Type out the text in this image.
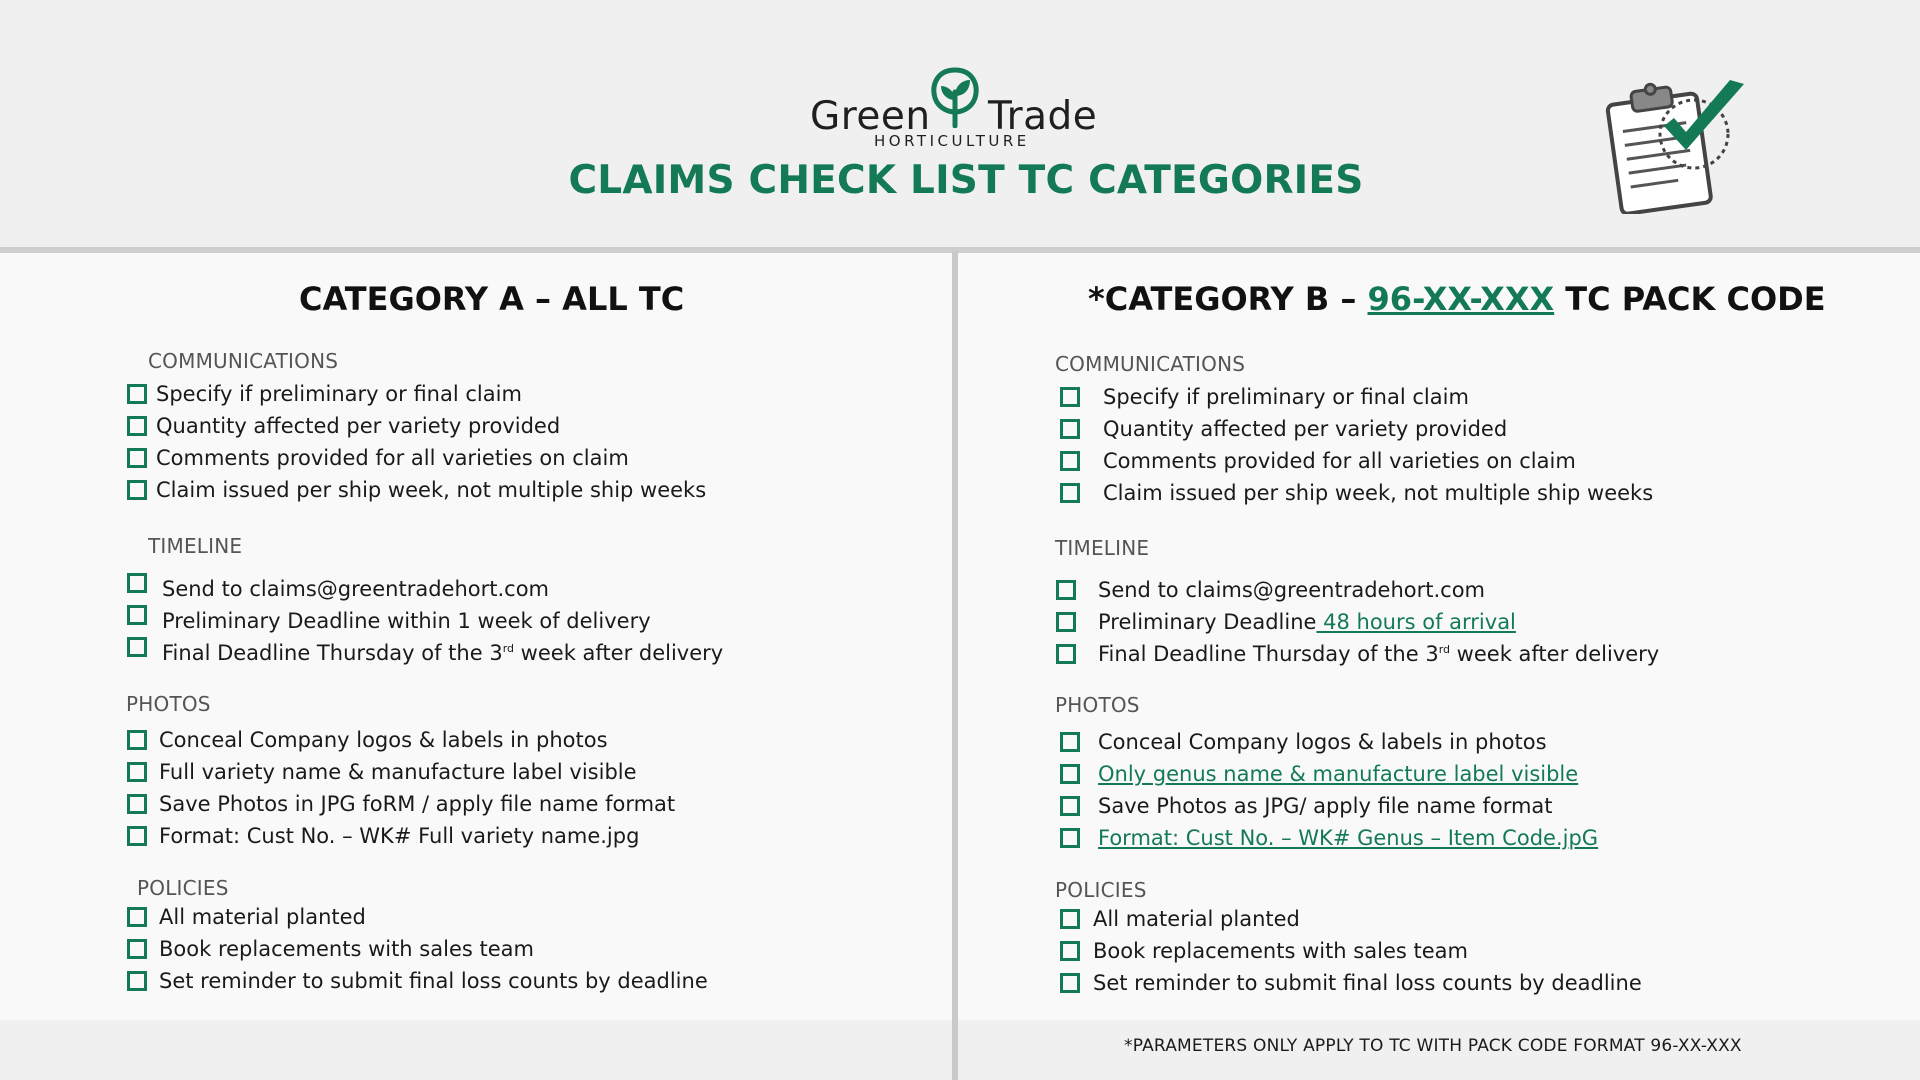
Green Trade
HORTICULTURE
CLAIMS CHECK LIST TC CATEGORIES
CATEGORY A – ALL TC
COMMUNICATIONS
Specify if preliminary or final claim
Quantity affected per variety provided
Comments provided for all varieties on claim
Claim issued per ship week, not multiple ship weeks
TIMELINE
Send to claims@greentradehort.com
Preliminary Deadline within 1 week of delivery
Final Deadline Thursday of the 3rd week after delivery
PHOTOS
Conceal Company logos & labels in photos
Full variety name & manufacture label visible
Save Photos in JPG foRM / apply file name format
Format: Cust No. – WK# Full variety name.jpg
POLICIES
All material planted
Book replacements with sales team
Set reminder to submit final loss counts by deadline
*CATEGORY B – 96-XX-XXX TC PACK CODE
COMMUNICATIONS
Specify if preliminary or final claim
Quantity affected per variety provided
Comments provided for all varieties on claim
Claim issued per ship week, not multiple ship weeks
TIMELINE
Send to claims@greentradehort.com
Preliminary Deadline 48 hours of arrival
Final Deadline Thursday of the 3rd week after delivery
PHOTOS
Conceal Company logos & labels in photos
Only genus name & manufacture label visible
Save Photos as JPG/ apply file name format
Format: Cust No. – WK# Genus – Item Code.jpG
POLICIES
All material planted
Book replacements with sales team
Set reminder to submit final loss counts by deadline
*PARAMETERS ONLY APPLY TO TC WITH PACK CODE FORMAT 96-XX-XXX
